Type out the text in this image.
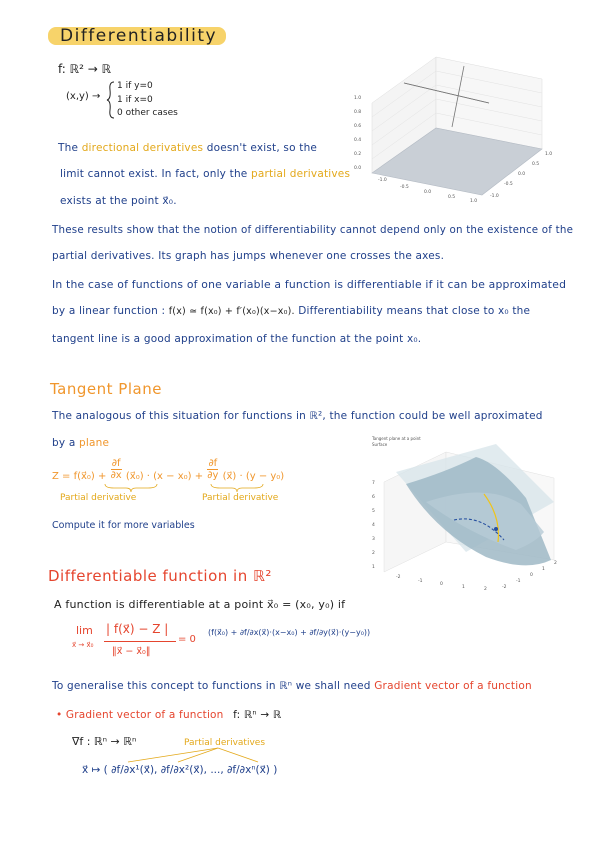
Differentiability
f: ℝ² → ℝ
(x,y) →
1 if y=0
1 if x=0
0 other cases
The directional derivatives doesn't exist, so the
limit cannot exist. In fact, only the partial derivatives
exists at the point x⃗₀.
1.0
0.8
0.6
0.4
0.2
0.0
-1.0
-0.5
0.0
0.5
1.0
-1.0
-0.5
0.0
0.5
1.0
These results show that the notion of differentiability cannot depend only on the existence of the
partial derivatives. Its graph has jumps whenever one crosses the axes.
In the case of functions of one variable a function is differentiable if it can be approximated
by a linear function : f(x) ≃ f(x₀) + f′(x₀)(x−x₀). Differentiability means that close to x₀ the
tangent line is a good approximation of the function at the point x₀.
Tangent Plane
The analogous of this situation for functions in ℝ², the function could be well aproximated
by a plane
Z = f(x⃗₀) + $\frac{\partial f}{\partial x}$ (x⃗₀) · $(x - x_0) + \frac{\partial f}{\partial y}$ (x⃗) · (y − y₀)
Partial derivative	Partial derivative
Compute it for more variables
Tangent plane at a point
Surface
7
6
5
4
3
2
1
-2
-1
0
1	2	-2
-1
0
1
2
Differentiable function in ℝ²
A function is differentiable at a point x⃗₀ = (x₀, y₀) if
lim
x⃗ → x⃗₀
| f(x⃗) − Z |
‖x⃗ − x⃗₀‖
= 0
(f(x⃗₀) + ∂f/∂x(x⃗)·(x−x₀) + ∂f/∂y(x⃗)·(y−y₀))
To generalise this concept to functions in ℝⁿ we shall need Gradient vector of a function
• Gradient vector of a function f: ℝⁿ → ℝ
∇f : ℝⁿ → ℝⁿ	Partial derivatives
x⃗ ↦ ( ∂f/∂x¹(x⃗), ∂f/∂x²(x⃗), ..., ∂f/∂xⁿ(x⃗) )
